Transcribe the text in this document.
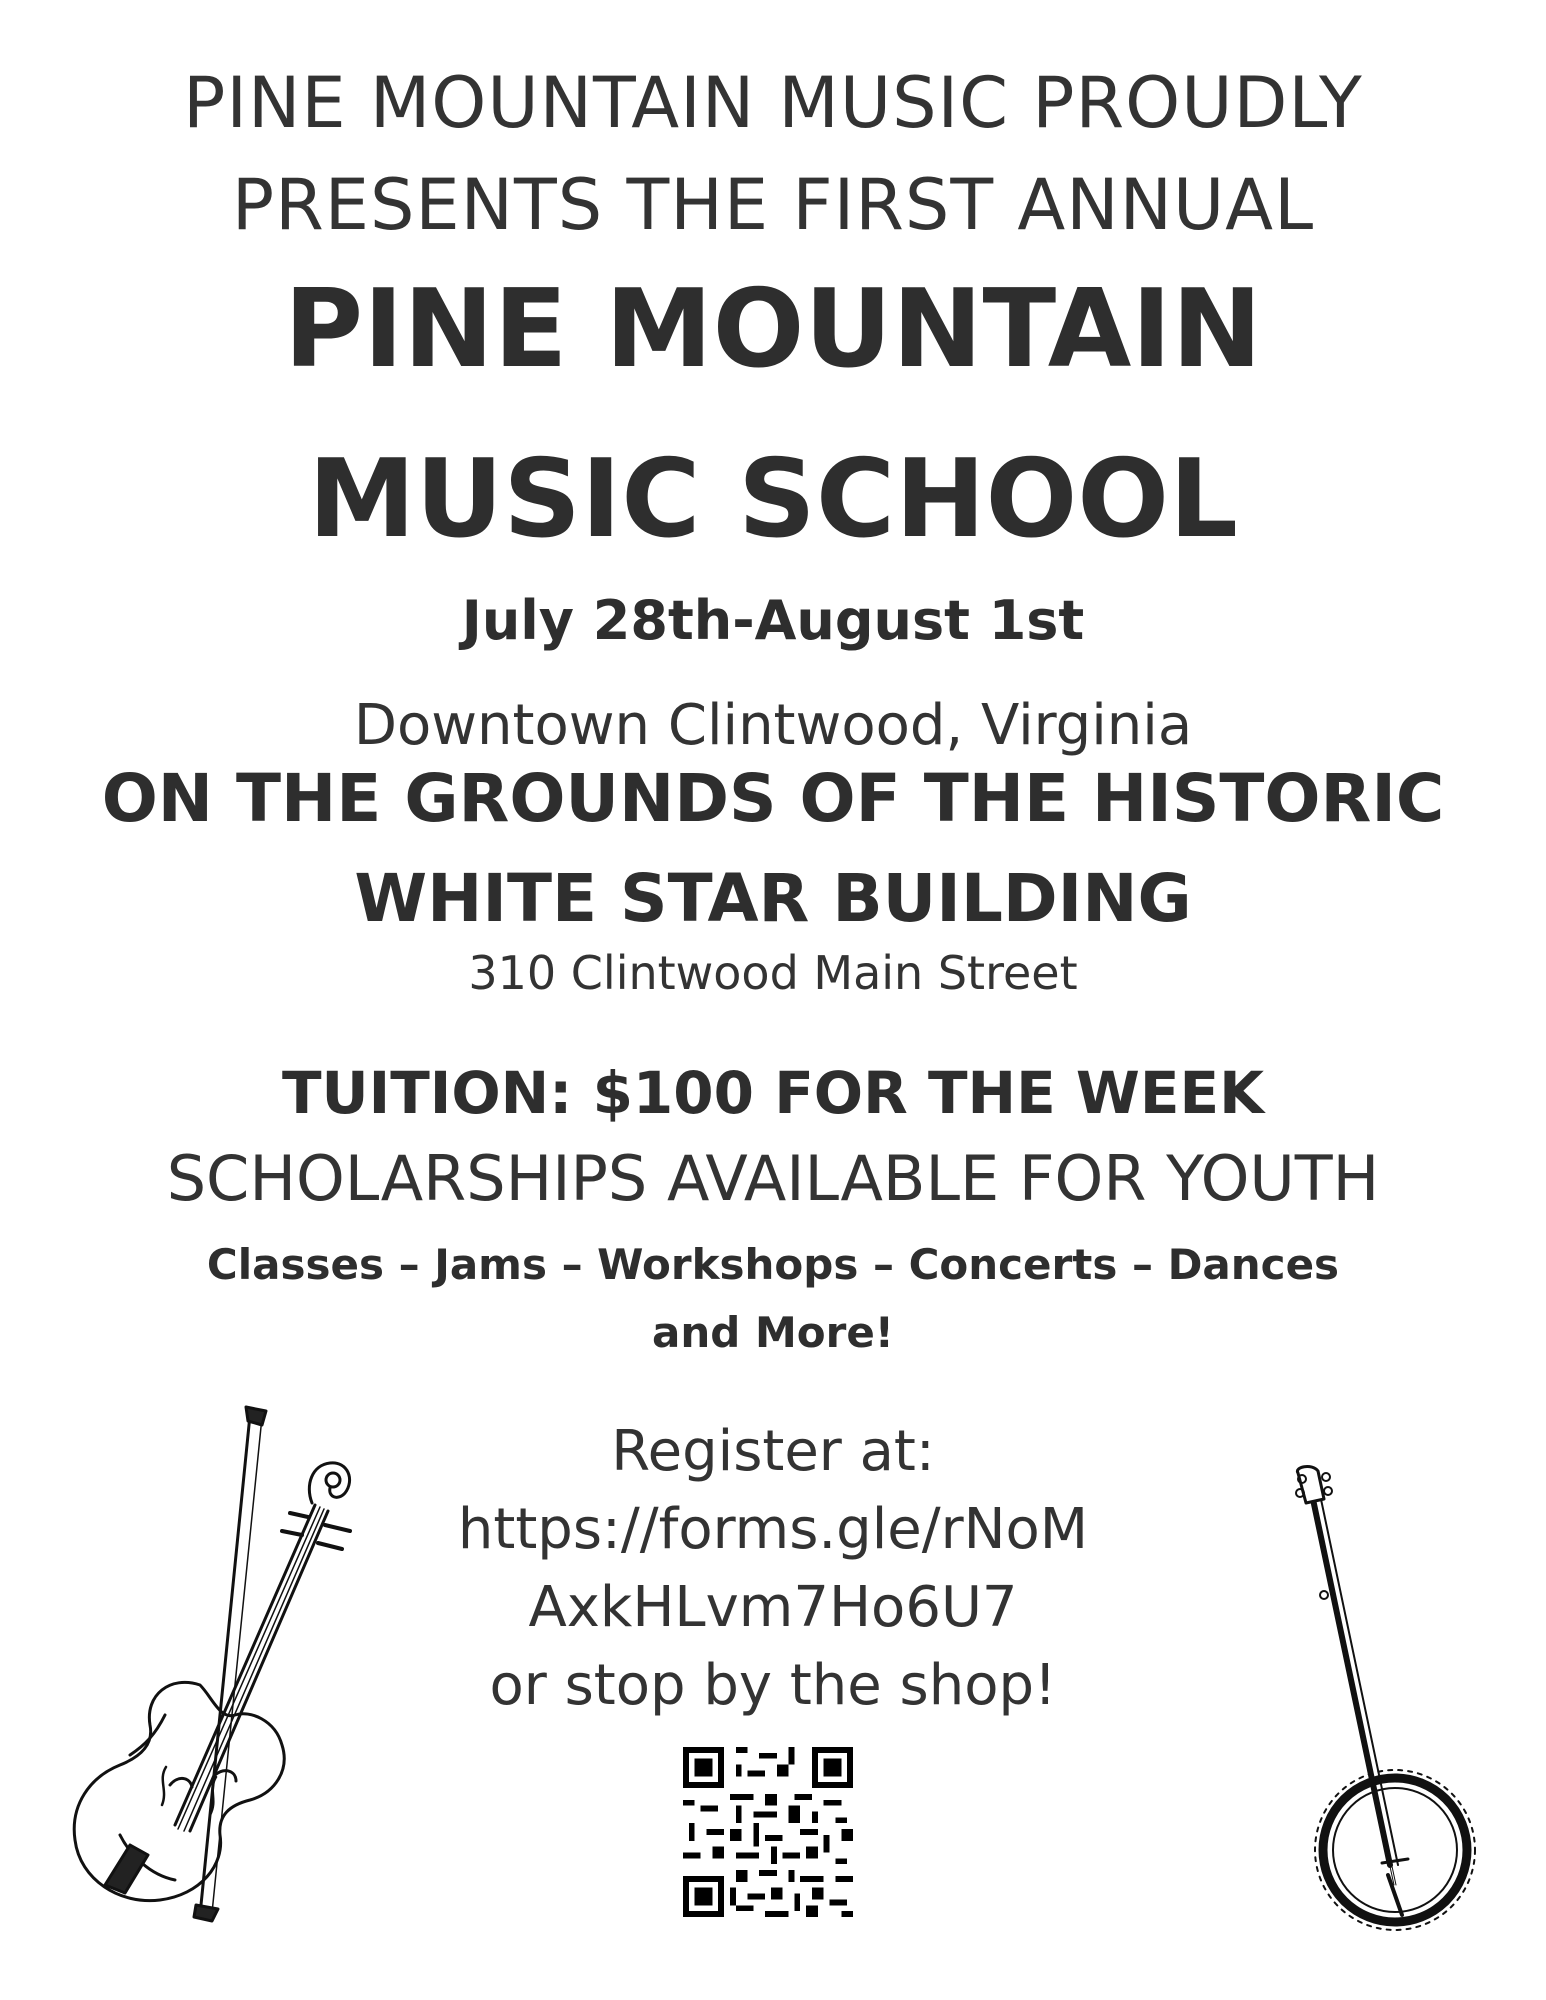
PINE MOUNTAIN MUSIC PROUDLY
PRESENTS THE FIRST ANNUAL
PINE MOUNTAIN
MUSIC SCHOOL
July 28th-August 1st
Downtown Clintwood, Virginia
ON THE GROUNDS OF THE HISTORIC
WHITE STAR BUILDING
310 Clintwood Main Street
TUITION: $100 FOR THE WEEK
SCHOLARSHIPS AVAILABLE FOR YOUTH
Classes – Jams – Workshops – Concerts – Dances
and More!
Register at:
https://forms.gle/rNoM
AxkHLvm7Ho6U7
or stop by the shop!
